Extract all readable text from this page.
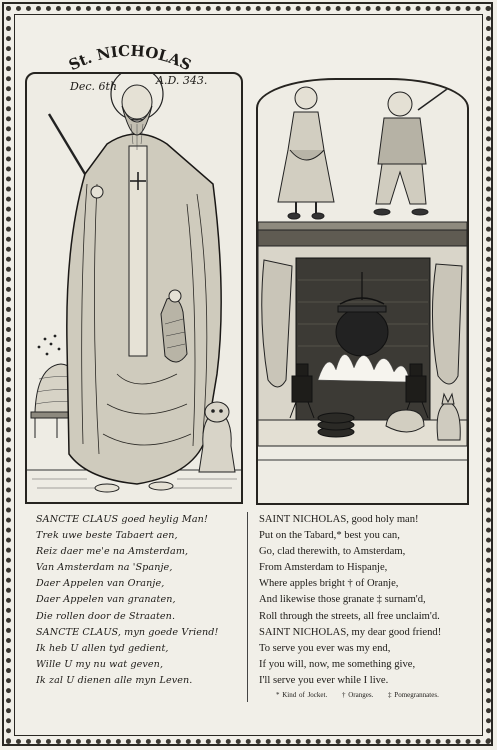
St. NICHOLAS
Dec. 6th	A.D. 343.
SANCTE CLAUS goed heylig Man!
Trek uwe beste Tabaert aen,
Reiz daer me'e na Amsterdam,
Van Amsterdam na 'Spanje,
Daer Appelen van Oranje,
Daer Appelen van granaten,
Die rollen door de Straaten.
SANCTE CLAUS, myn goede Vriend!
Ik heb U allen tyd gedient,
Wille U my nu wat geven,
Ik zal U dienen alle myn Leven.
SAINT NICHOLAS, good holy man!
Put on the Tabard,* best you can,
Go, clad therewith, to Amsterdam,
From Amsterdam to Hispanje,
Where apples bright † of Oranje,
And likewise those granate ‡ surnam'd,
Roll through the streets, all free unclaim'd.
SAINT NICHOLAS, my dear good friend!
To serve you ever was my end,
If you will, now, me something give,
I'll serve you ever while I live.
* Kind of Jocket. † Oranges. ‡ Pomegrannates.
